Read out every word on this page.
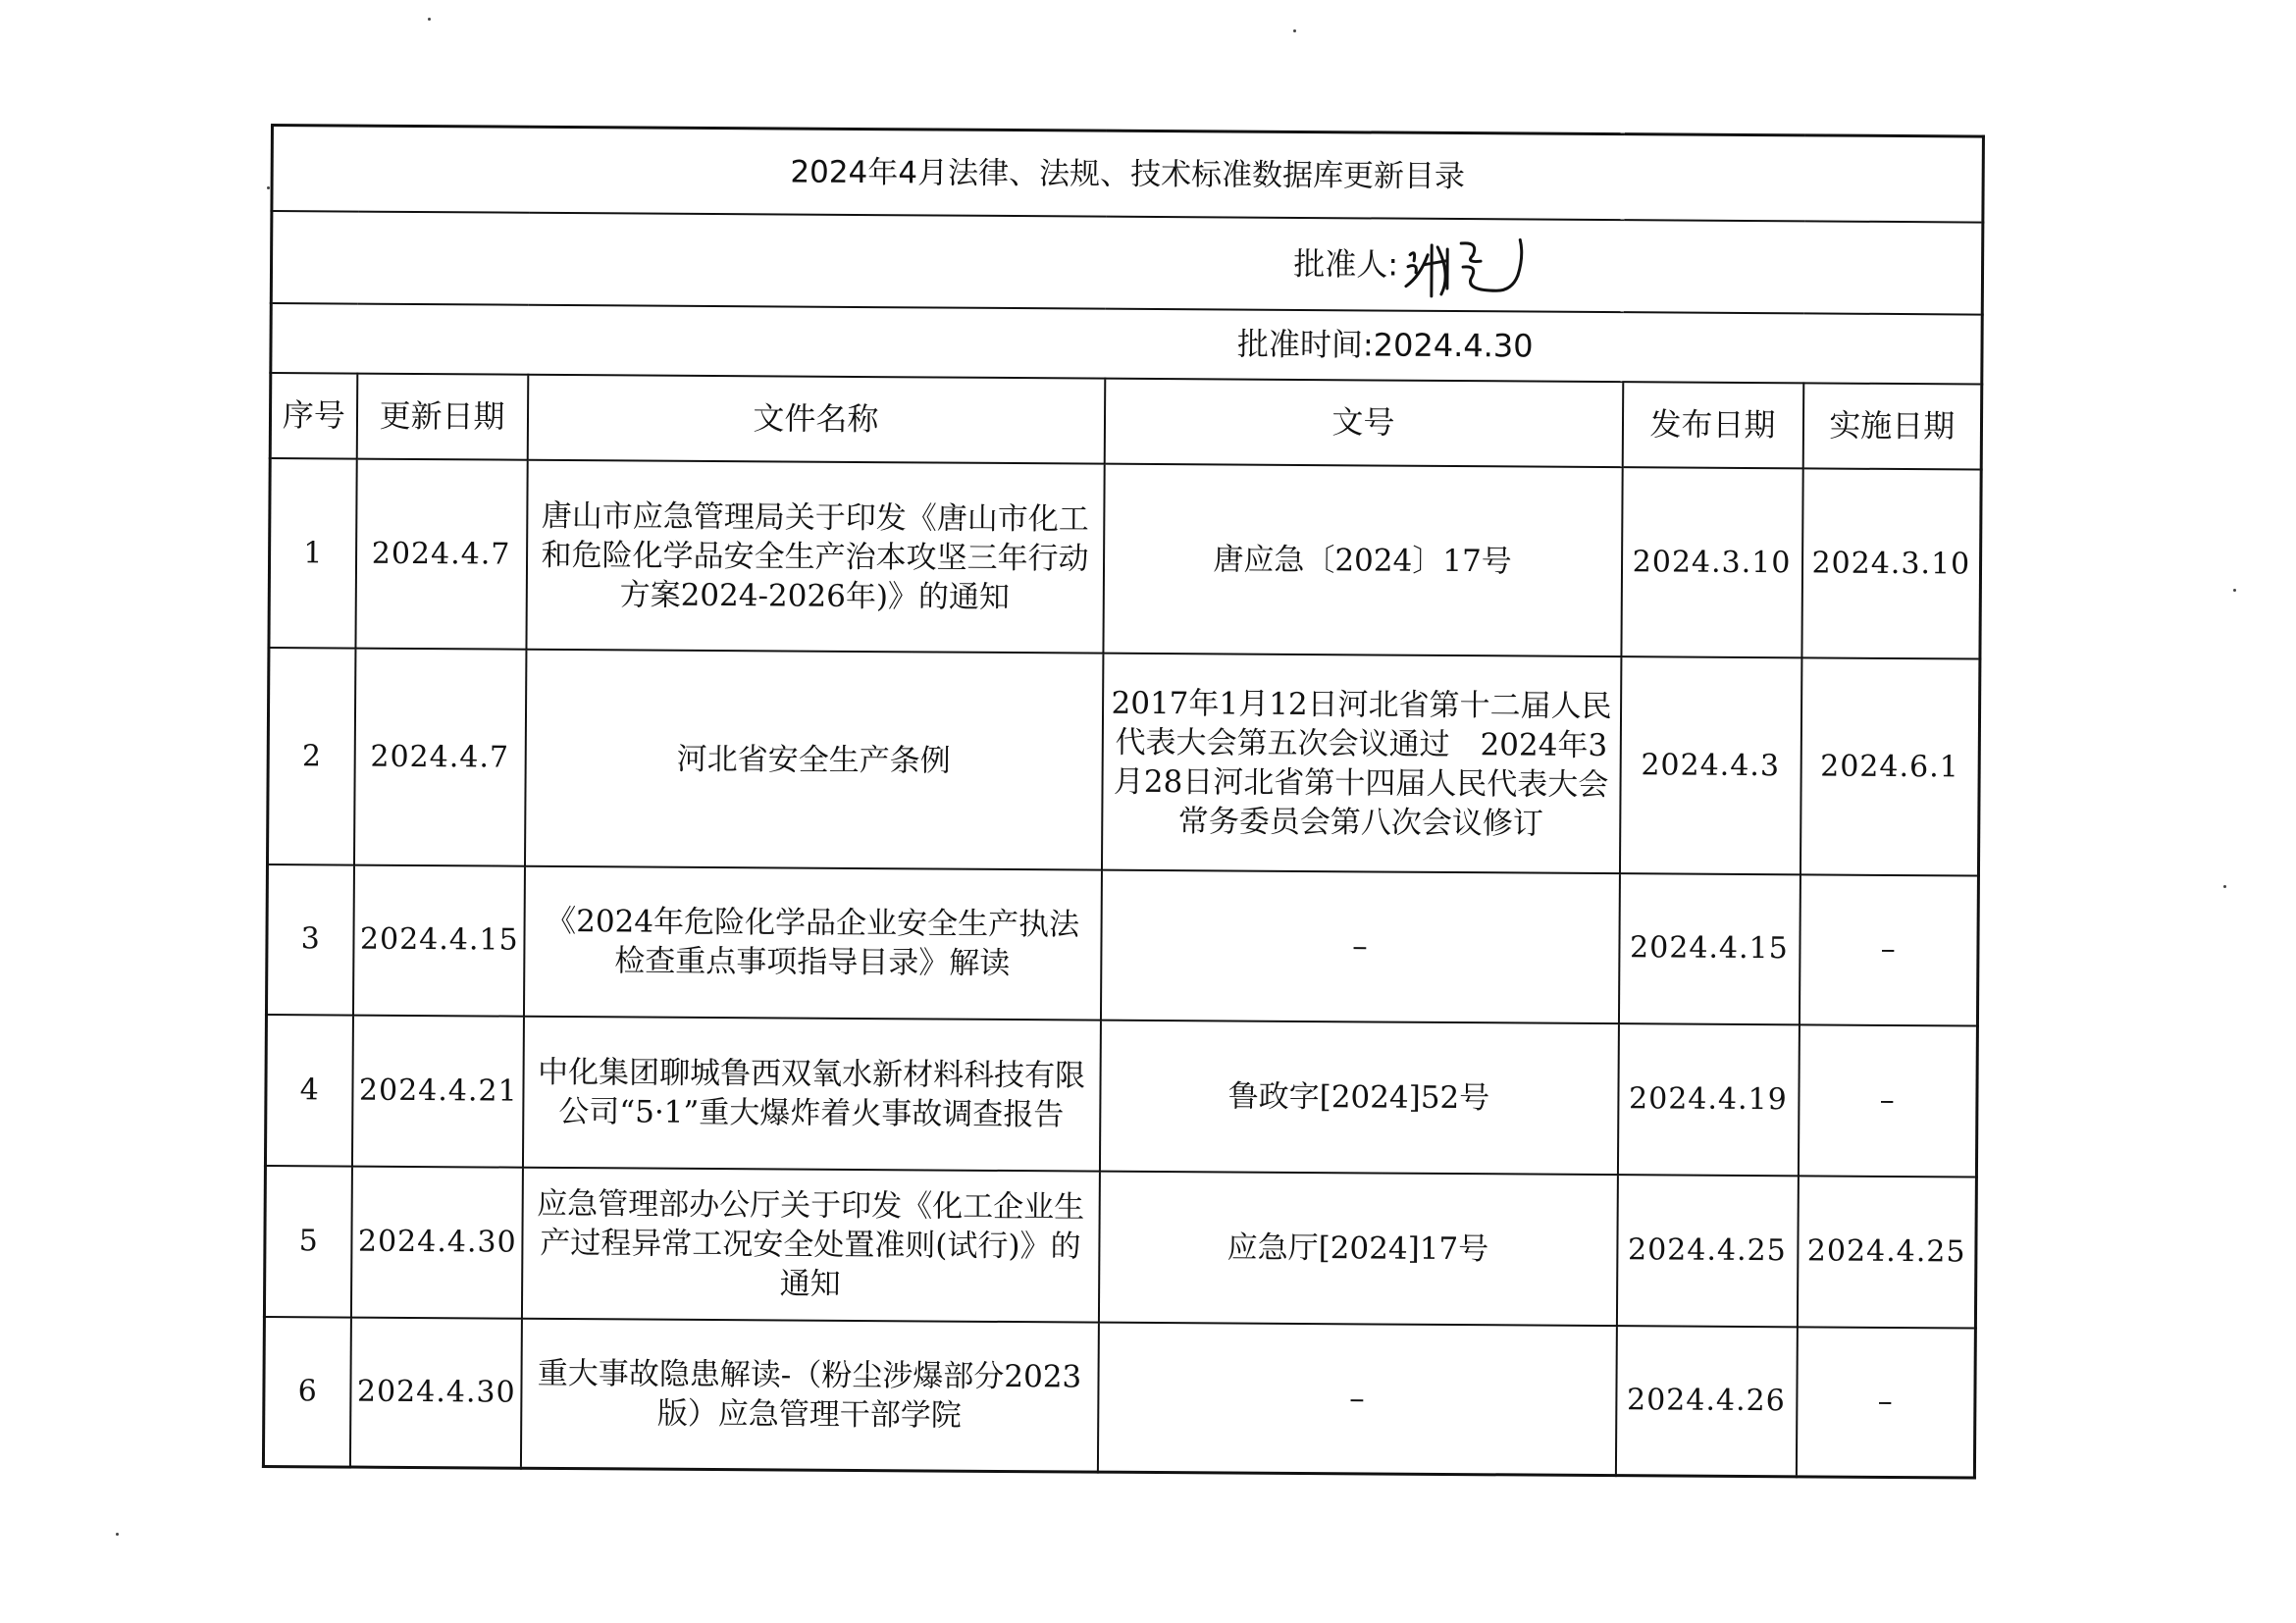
2024年4月法律、法规、技术标准数据库更新目录					

批准人:					

批准时间:2024.4.30					
序号	更新日期	文件名称	文号	发布日期	实施日期
1	2024.4.7	唐山市应急管理局关于印发《唐山市化工和危险化学品安全生产治本攻坚三年行动方案2024-2026年)》的通知	唐应急〔2024〕17号	2024.3.10	2024.3.10
2	2024.4.7	河北省安全生产条例	2017年1月12日河北省第十二届人民代表大会第五次会议通过　2024年3月28日河北省第十四届人民代表大会常务委员会第八次会议修订	2024.4.3	2024.6.1
3	2024.4.15	《2024年危险化学品企业安全生产执法检查重点事项指导目录》解读	–	2024.4.15	–
4	2024.4.21	中化集团聊城鲁西双氧水新材料科技有限公司“5·1”重大爆炸着火事故调查报告	鲁政字[2024]52号	2024.4.19	–
5	2024.4.30	应急管理部办公厅关于印发《化工企业生产过程异常工况安全处置准则(试行)》的通知	应急厅[2024]17号	2024.4.25	2024.4.25
6	2024.4.30	重大事故隐患解读-（粉尘涉爆部分2023版）应急管理干部学院	–	2024.4.26	–
